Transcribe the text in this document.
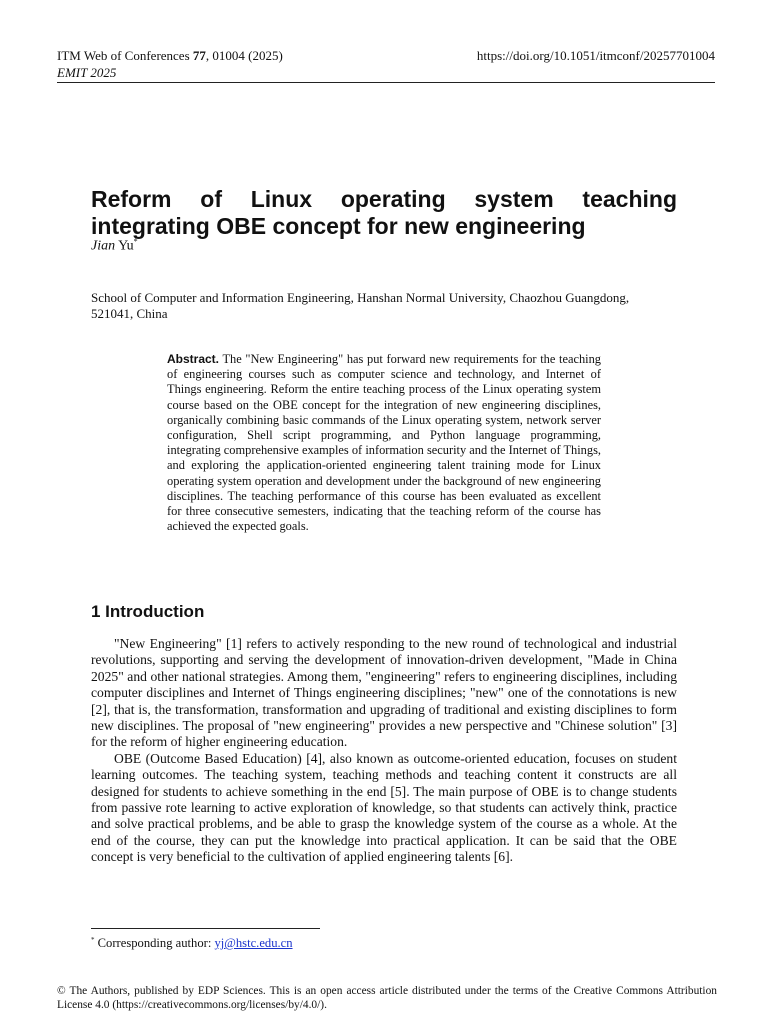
ITM Web of Conferences 77, 01004 (2025)
EMIT 2025
https://doi.org/10.1051/itmconf/20257701004
Reform of Linux operating system teaching integrating OBE concept for new engineering
Jian Yu*
School of Computer and Information Engineering, Hanshan Normal University, Chaozhou Guangdong, 521041, China

Abstract. The "New Engineering" has put forward new requirements for the teaching of engineering courses such as computer science and technology, and Internet of Things engineering. Reform the entire teaching process of the Linux operating system course based on the OBE concept for the integration of new engineering disciplines, organically combining basic commands of the Linux operating system, network server configuration, Shell script programming, and Python language programming, integrating comprehensive examples of information security and the Internet of Things, and exploring the application-oriented engineering talent training mode for Linux operating system operation and development under the background of new engineering disciplines. The teaching performance of this course has been evaluated as excellent for three consecutive semesters, indicating that the teaching reform of the course has achieved the expected goals.

1 Introduction

"New Engineering" [1] refers to actively responding to the new round of technological and industrial revolutions, supporting and serving the development of innovation-driven development, "Made in China 2025" and other national strategies. Among them, "engineering" refers to engineering disciplines, including computer disciplines and Internet of Things engineering disciplines; "new" one of the connotations is new [2], that is, the transformation, transformation and upgrading of traditional and existing disciplines to form new disciplines. The proposal of "new engineering" provides a new perspective and "Chinese solution" [3] for the reform of higher engineering education.

OBE (Outcome Based Education) [4], also known as outcome-oriented education, focuses on student learning outcomes. The teaching system, teaching methods and teaching content it constructs are all designed for students to achieve something in the end [5]. The main purpose of OBE is to change students from passive rote learning to active exploration of knowledge, so that students can actively think, practice and solve practical problems, and be able to grasp the knowledge system of the course as a whole. At the end of the course, they can put the knowledge into practical application. It can be said that the OBE concept is very beneficial to the cultivation of applied engineering talents [6].

* Corresponding author: yj@hstc.edu.cn
© The Authors, published by EDP Sciences. This is an open access article distributed under the terms of the Creative Commons Attribution License 4.0 (https://creativecommons.org/licenses/by/4.0/).
